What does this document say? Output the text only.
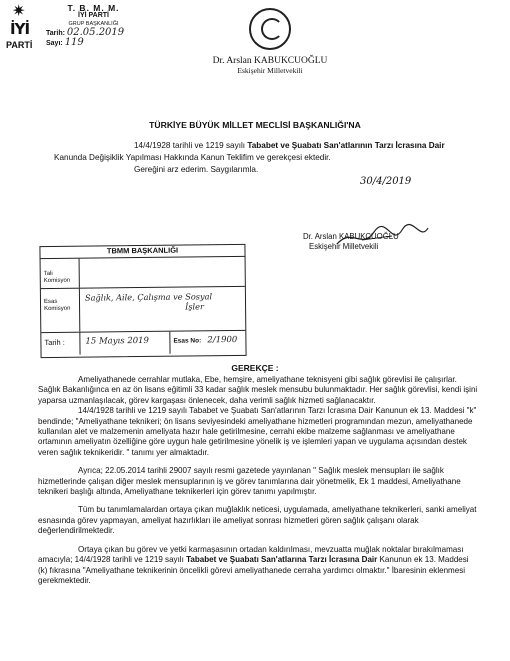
✷
İYİ
PARTİ
T. B. M. M.
İYİ PARTİ
GRUP BAŞKANLIĞI
Tarih: 02.05.2019
Sayı: 119
Dr. Arslan KABUKCUOĞLU
Eskişehir Milletvekili
TÜRKİYE BÜYÜK MİLLET MECLİSİ BAŞKANLIĞI'NA
14/4/1928 tarihli ve 1219 sayılı Tababet ve Şuabatı San'atlarının Tarzı İcrasına Dair
Kanunda Değişiklik Yapılması Hakkında Kanun Teklifim ve gerekçesi ektedir.
Gereğini arz ederim. Saygılarımla.
30/4/2019
Dr. Arslan KABUKCUOĞLU
Eskişehir Milletvekili
TBMM BAŞKANLIĞI
Tali Komisyon
Esas Komisyon
Sağlık, Aile, Çalışma ve Sosyal
İşler
Tarih :	15 Mayıs 2019	Esas No: 2/1900
GEREKÇE :

Ameliyathanede cerrahlar mutlaka, Ebe, hemşire, ameliyathane teknisyeni gibi sağlık görevlisi ile çalışırlar. Sağlık Bakanlığınca en az ön lisans eğitimli 33 kadar sağlık meslek mensubu bulunmaktadır. Her sağlık görevlisi, kendi işini yaparsa uzmanlaşılacak, görev kargaşası önlenecek, daha verimli sağlık hizmeti sağlanacaktır.

14/4/1928 tarihli ve 1219 sayılı Tababet ve Şuabatı San'atlarının Tarzı İcrasına Dair Kanunun ek 13. Maddesi "k" bendinde; "Ameliyathane teknikeri; ön lisans seviyesindeki ameliyathane hizmetleri programından mezun, ameliyathanede kullanılan alet ve malzemenin ameliyata hazır hale getirilmesine, cerrahi ekibe malzeme sağlanması ve ameliyathane ortamının ameliyatın özelliğine göre uygun hale getirilmesine yönelik iş ve işlemleri yapan ve uygulama açısından destek veren sağlık teknikeridir. " tanımı yer almaktadır.

Ayrıca; 22.05.2014 tarihli 29007 sayılı resmi gazetede yayınlanan " Sağlık meslek mensupları ile sağlık hizmetlerinde çalışan diğer meslek mensuplarının iş ve görev tanımlarına dair yönetmelik, Ek 1 maddesi, Ameliyathane teknikeri başlığı altında, Ameliyathane teknikerleri için görev tanımı yapılmıştır.

Tüm bu tanımlamalardan ortaya çıkan muğlaklık neticesi, uygulamada, ameliyathane teknikerleri, sanki ameliyat esnasında görev yapmayan, ameliyat hazırlıkları ile ameliyat sonrası hizmetleri gören sağlık çalışanı olarak değerlendirilmektedir.

Ortaya çıkan bu görev ve yetki karmaşasının ortadan kaldırılması, mevzuatta muğlak noktalar bırakılmaması amacıyla; 14/4/1928 tarihli ve 1219 sayılı Tababet ve Şuabatı San'atlarına Tarzı İcrasına Dair Kanunun ek 13. Maddesi (k) fıkrasına "Ameliyathane teknikerinin öncelikli görevi ameliyathanede cerraha yardımcı olmaktır." İbaresinin eklenmesi gerekmektedir.
